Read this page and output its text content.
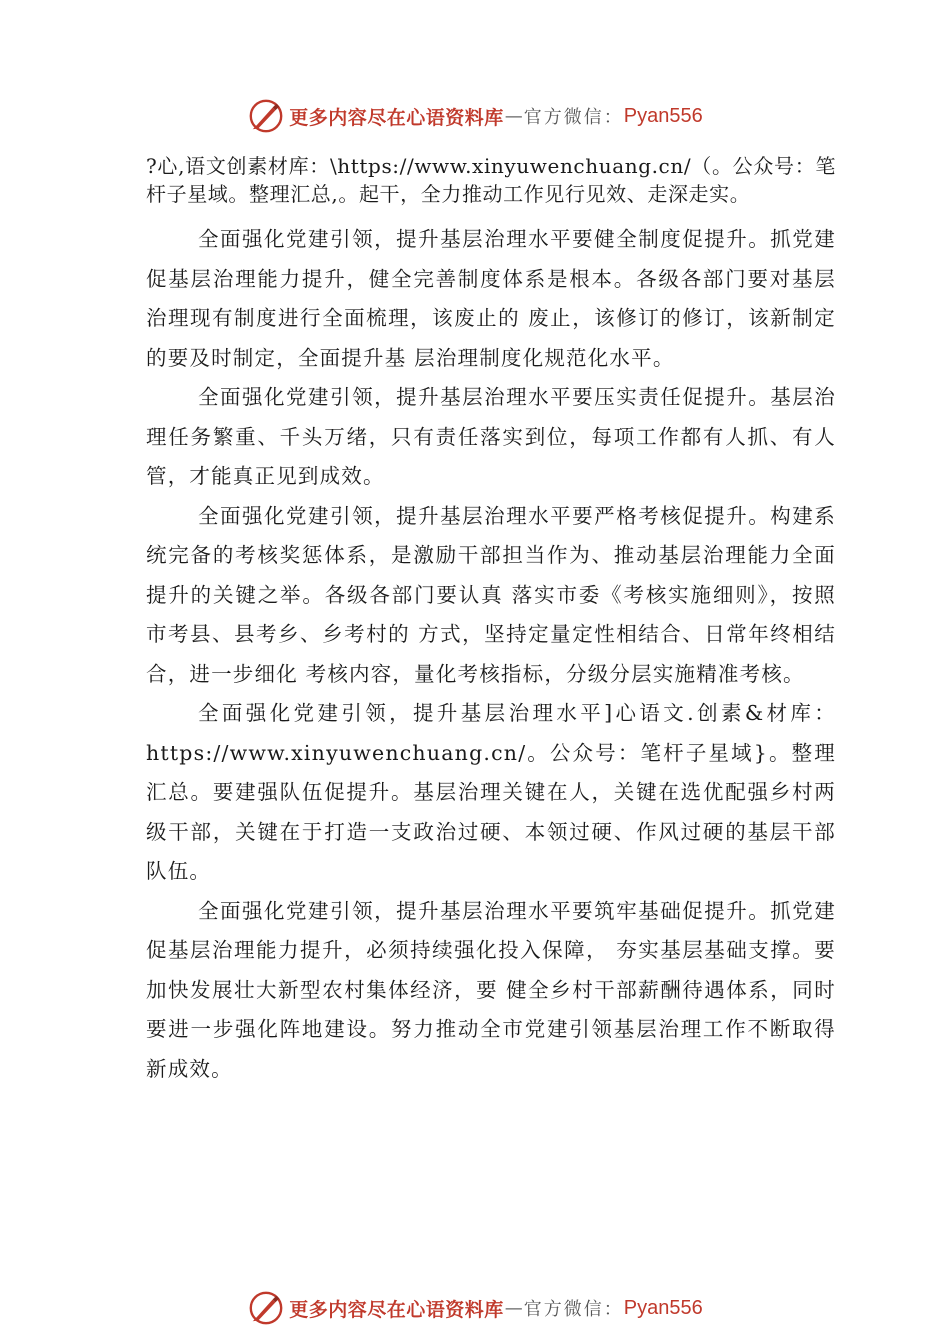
更多内容尽在心语资料库 — 官方微信： Pyan556

?心,语文创素材库：\https://www.xinyuwenchuang.cn/（。公众号：笔杆子星域。整理汇总,。起干，全力推动工作见行见效、走深走实。

全面强化党建引领，提升基层治理水平要健全制度促提升。抓党建促基层治理能力提升，健全完善制度体系是根本。各级各部门要对基层治理现有制度进行全面梳理，该废止的 废止，该修订的修订，该新制定的要及时制定，全面提升基 层治理制度化规范化水平。

全面强化党建引领，提升基层治理水平要压实责任促提升。基层治理任务繁重、千头万绪，只有责任落实到位，每项工作都有人抓、有人管，才能真正见到成效。

全面强化党建引领，提升基层治理水平要严格考核促提升。构建系统完备的考核奖惩体系，是激励干部担当作为、推动基层治理能力全面提升的关键之举。各级各部门要认真 落实市委《考核实施细则》，按照市考县、县考乡、乡考村的 方式，坚持定量定性相结合、日常年终相结合，进一步细化 考核内容，量化考核指标，分级分层实施精准考核。

全面强化党建引领，提升基层治理水平]心语文.创素&材库：https://www.xinyuwenchuang.cn/。公众号：笔杆子星域}。整理汇总。要建强队伍促提升。基层治理关键在人，关键在选优配强乡村两级干部，关键在于打造一支政治过硬、本领过硬、作风过硬的基层干部队伍。

全面强化党建引领，提升基层治理水平要筑牢基础促提升。抓党建促基层治理能力提升，必须持续强化投入保障， 夯实基层基础支撑。要加快发展壮大新型农村集体经济，要 健全乡村干部薪酬待遇体系，同时要进一步强化阵地建设。努力推动全市党建引领基层治理工作不断取得新成效。

更多内容尽在心语资料库 — 官方微信： Pyan556
